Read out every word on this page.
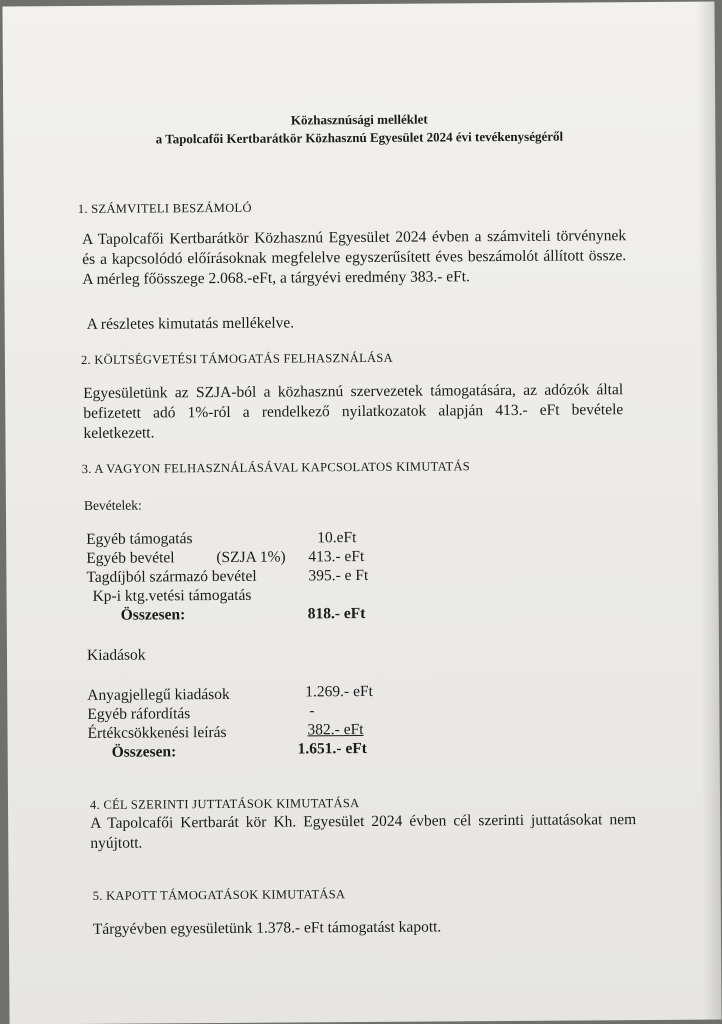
Közhasznúsági melléklet
a Tapolcafői Kertbarátkör Közhasznú Egyesület 2024 évi tevékenységéről
1. SZÁMVITELI BESZÁMOLÓ
A Tapolcafői Kertbarátkör Közhasznú Egyesület 2024 évben a számviteli törvénynek és a kapcsolódó előírásoknak megfelelve egyszerűsített éves beszámolót állított össze. A mérleg főösszege 2.068.-eFt, a tárgyévi eredmény 383.- eFt.
A részletes kimutatás mellékelve.
2. KÖLTSÉGVETÉSI TÁMOGATÁS FELHASZNÁLÁSA
Egyesületünk az SZJA-ból a közhasznú szervezetek támogatására, az adózók által befizetett adó 1%-ról a rendelkező nyilatkozatok alapján 413.- eFt bevétele keletkezett.
3. A VAGYON FELHASZNÁLÁSÁVAL KAPCSOLATOS KIMUTATÁS
Bevételek:
Egyéb támogatás	10.eFt
Egyéb bevétel	(SZJA 1%) 413.- eFt
Tagdíjból származó bevétel	395.- e Ft
Kp-i ktg.vetési támogatás
Összesen:	818.- eFt
Kiadások
Anyagjellegű kiadások	1.269.- eFt
Egyéb ráfordítás	-
Értékcsökkenési leírás	382.- eFt
Összesen:	1.651.- eFt
4. CÉL SZERINTI JUTTATÁSOK KIMUTATÁSA
A Tapolcafői Kertbarát kör Kh. Egyesület 2024 évben cél szerinti juttatásokat nem nyújtott.
5. KAPOTT TÁMOGATÁSOK KIMUTATÁSA
Tárgyévben egyesületünk 1.378.- eFt támogatást kapott.
